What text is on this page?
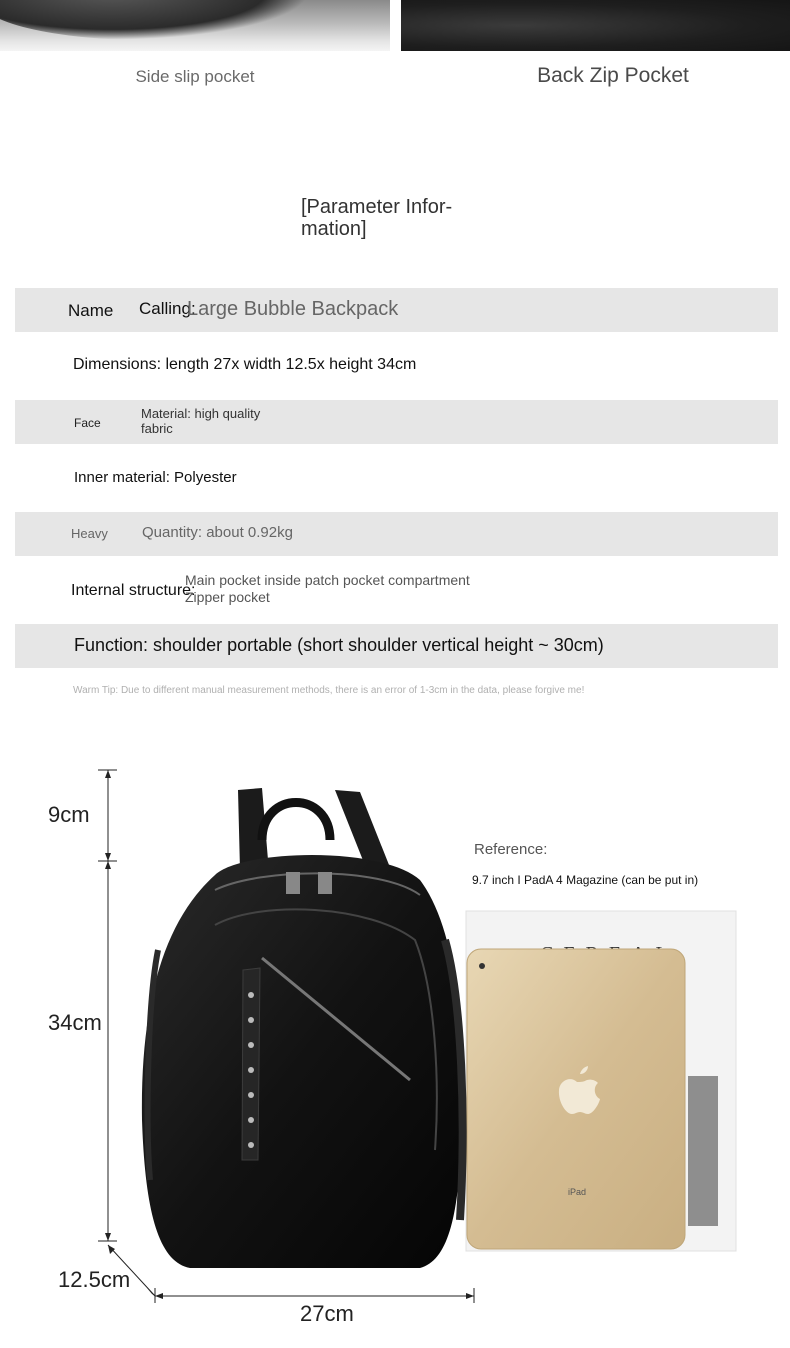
Side slip pocket	Back Zip Pocket
[Parameter Infor-
mation]
Name Calling:
Large Bubble Backpack
Dimensions: length 27x width 12.5x height 34cm
Face
Material: high quality
fabric
Inner material: Polyester
Heavy Quantity: about 0.92kg
Internal structure:
Main pocket inside patch pocket compartment
Zipper pocket
Function: shoulder portable (short shoulder vertical height ~ 30cm)
Warm Tip: Due to different manual measurement methods, there is an error of 1-3cm in the data, please forgive me!
iPad
9cm
34cm
12.5cm
27cm
Reference:
9.7 inch I PadA 4 Magazine (can be put in)
